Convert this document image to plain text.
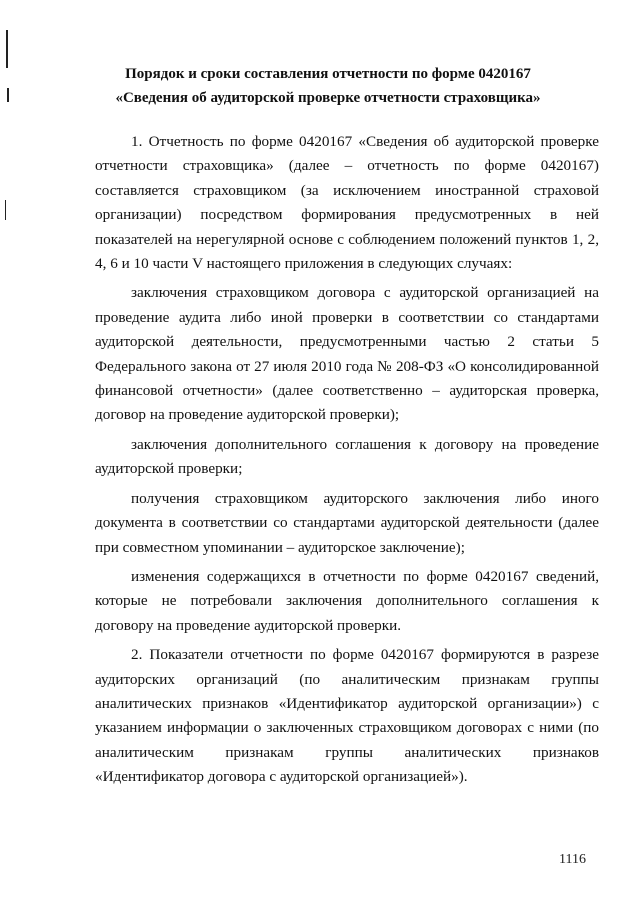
Порядок и сроки составления отчетности по форме 0420167
«Сведения об аудиторской проверке отчетности страховщика»

1. Отчетность по форме 0420167 «Сведения об аудиторской проверке отчетности страховщика» (далее – отчетность по форме 0420167) составляется страховщиком (за исключением иностранной страховой организации) посредством формирования предусмотренных в ней показателей на нерегулярной основе с соблюдением положений пунктов 1, 2, 4, 6 и 10 части V настоящего приложения в следующих случаях:

заключения страховщиком договора с аудиторской организацией на проведение аудита либо иной проверки в соответствии со стандартами аудиторской деятельности, предусмотренными частью 2 статьи 5 Федерального закона от 27 июля 2010 года № 208-ФЗ «О консолидированной финансовой отчетности» (далее соответственно – аудиторская проверка, договор на проведение аудиторской проверки);

заключения дополнительного соглашения к договору на проведение аудиторской проверки;

получения страховщиком аудиторского заключения либо иного документа в соответствии со стандартами аудиторской деятельности (далее при совместном упоминании – аудиторское заключение);

изменения содержащихся в отчетности по форме 0420167 сведений, которые не потребовали заключения дополнительного соглашения к договору на проведение аудиторской проверки.

2. Показатели отчетности по форме 0420167 формируются в разрезе аудиторских организаций (по аналитическим признакам группы аналитических признаков «Идентификатор аудиторской организации») с указанием информации о заключенных страховщиком договорах с ними (по аналитическим признакам группы аналитических признаков «Идентификатор договора с аудиторской организацией»).

1116
